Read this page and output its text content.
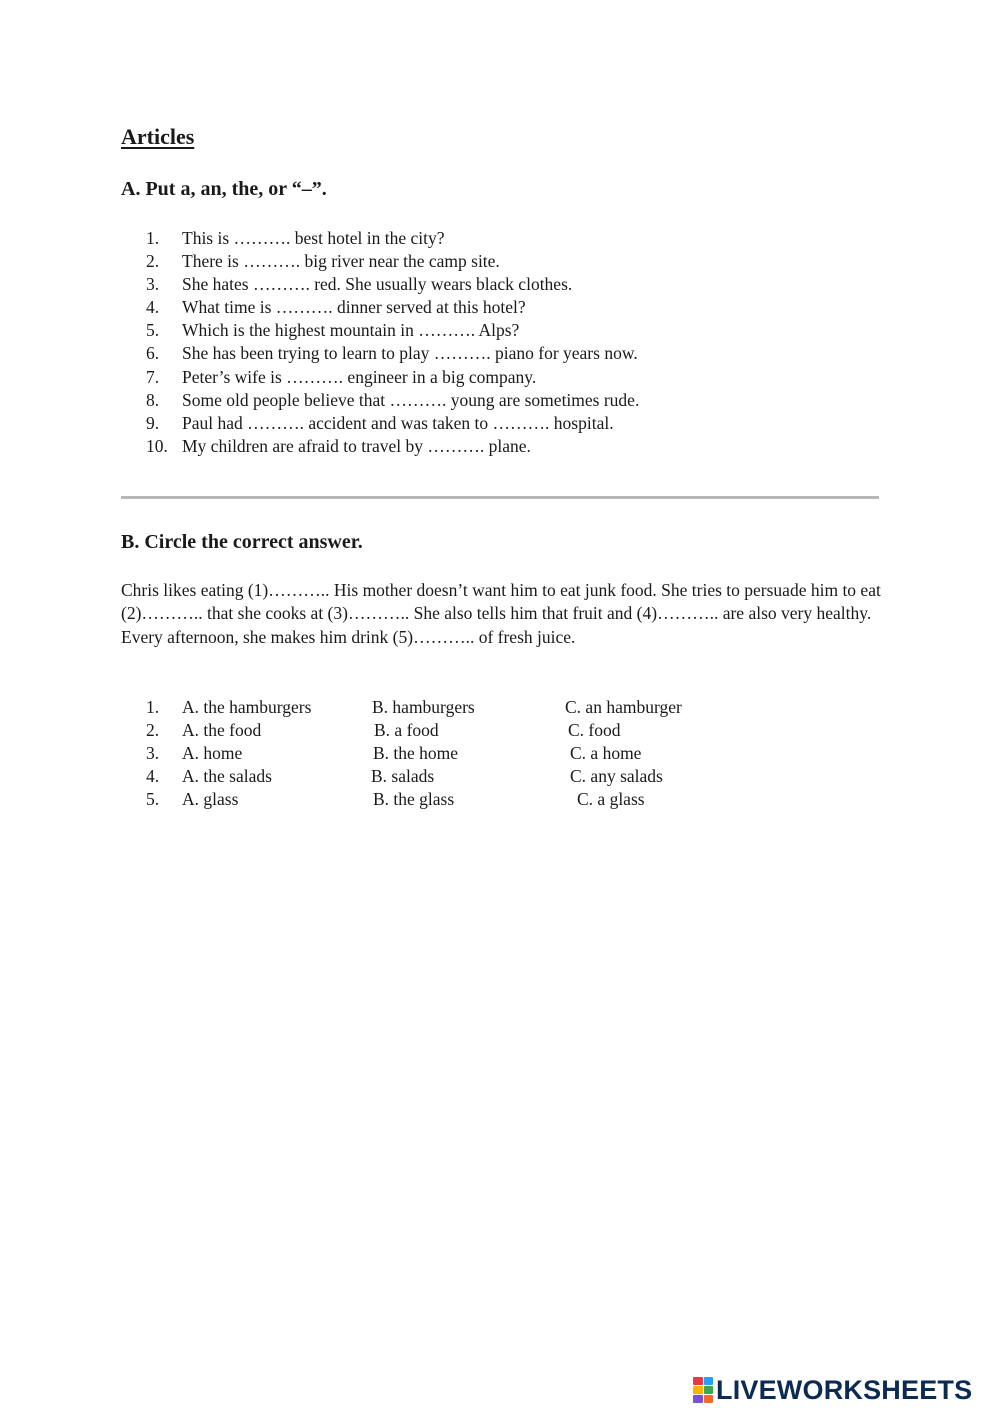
Articles
A. Put a, an, the, or “–”.
1. This is ………. best hotel in the city?
2. There is ………. big river near the camp site.
3. She hates ………. red. She usually wears black clothes.
4. What time is ………. dinner served at this hotel?
5. Which is the highest mountain in ………. Alps?
6. She has been trying to learn to play ………. piano for years now.
7. Peter’s wife is ………. engineer in a big company.
8. Some old people believe that ………. young are sometimes rude.
9. Paul had ………. accident and was taken to ………. hospital.
10. My children are afraid to travel by ………. plane.
B. Circle the correct answer.

Chris likes eating (1)……….. His mother doesn’t want him to eat junk food. She tries to persuade him to eat (2)……….. that she cooks at (3)……….. She also tells him that fruit and (4)……….. are also very healthy. Every afternoon, she makes him drink (5)……….. of fresh juice.

1. A. the hamburgers	B. hamburgers	C. an hamburger
2. A. the food	B. a food	C. food
3. A. home	B. the home	C. a home
4. A. the salads	B. salads	C. any salads
5. A. glass	B. the glass	C. a glass
LIVEWORKSHEETS
